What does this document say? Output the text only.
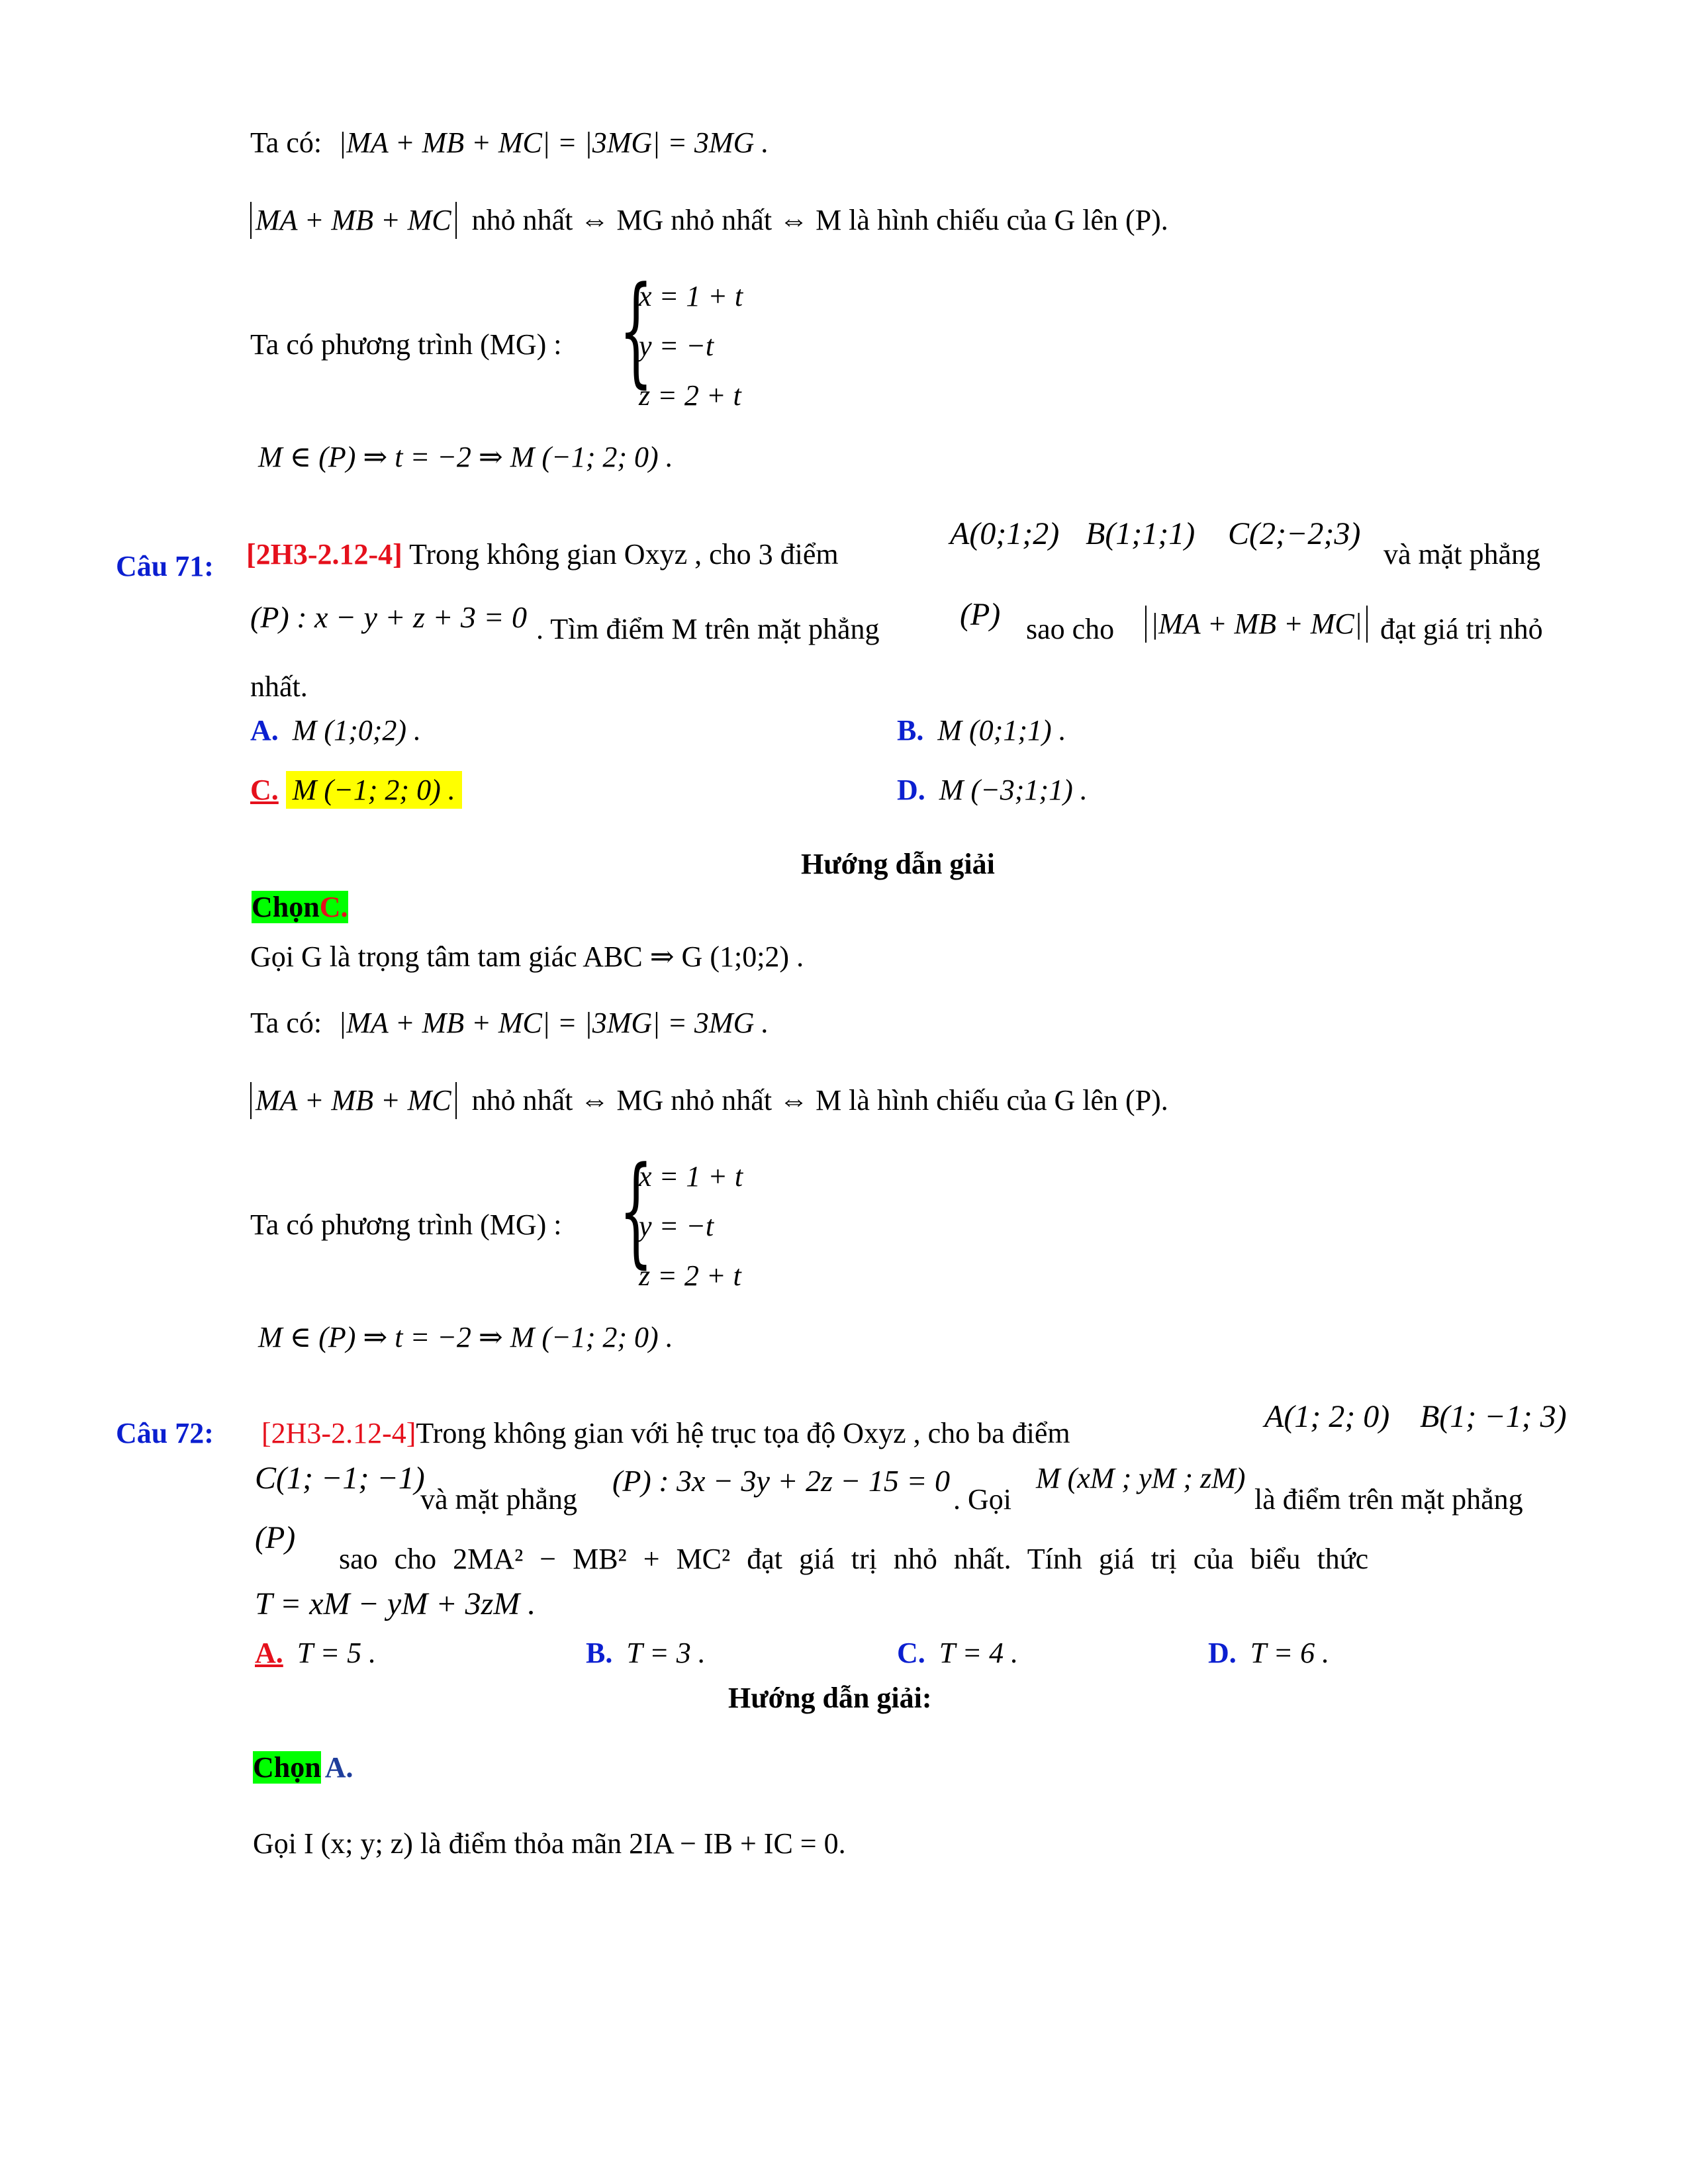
Ta có: |MA + MB + MC| = |3MG| = 3MG .
MA + MB + MC nhỏ nhất ⇔ MG nhỏ nhất ⇔ M là hình chiếu của G lên (P).
Ta có phương trình (MG) : {
x = 1 + t
y = −t
z = 2 + t
M ∈ (P) ⇒ t = −2 ⇒ M (−1; 2; 0) .
Câu 71: [2H3-2.12-4] Trong không gian Oxyz , cho 3 điểm
A(0;1;2) B(1;1;1) C(2;−2;3)
và mặt phẳng
(P) : x − y + z + 3 = 0 . Tìm điểm M trên mặt phẳng	(P) sao cho |MA + MB + MC| đạt giá trị nhỏ
nhất.
A. M (1;0;2) .	B. M (0;1;1) .
C. M (−1; 2; 0) .	D. M (−3;1;1) .
Hướng dẫn giải
ChọnC.
Gọi G là trọng tâm tam giác ABC ⇒ G (1;0;2) .
Ta có: |MA + MB + MC| = |3MG| = 3MG .
MA + MB + MC nhỏ nhất ⇔ MG nhỏ nhất ⇔ M là hình chiếu của G lên (P).
Ta có phương trình (MG) : {
x = 1 + t
y = −t
z = 2 + t
M ∈ (P) ⇒ t = −2 ⇒ M (−1; 2; 0) .
Câu 72: [2H3-2.12-4]Trong không gian với hệ trục tọa độ Oxyz , cho ba điểm	A(1; 2; 0) B(1; −1; 3)
C(1; −1; −1)
và mặt phẳng
(P) : 3x − 3y + 2z − 15 = 0
. Gọi
M (xM ; yM ; zM)
là điểm trên mặt phẳng
(P)
sao cho 2MA² − MB² + MC² đạt giá trị nhỏ nhất. Tính giá trị của biểu thức
T = xM − yM + 3zM .
A. T = 5 .	B. T = 3 .	C. T = 4 .	D. T = 6 .
Hướng dẫn giải:
Chọn A.
Gọi I (x; y; z) là điểm thỏa mãn 2IA − IB + IC = 0.
